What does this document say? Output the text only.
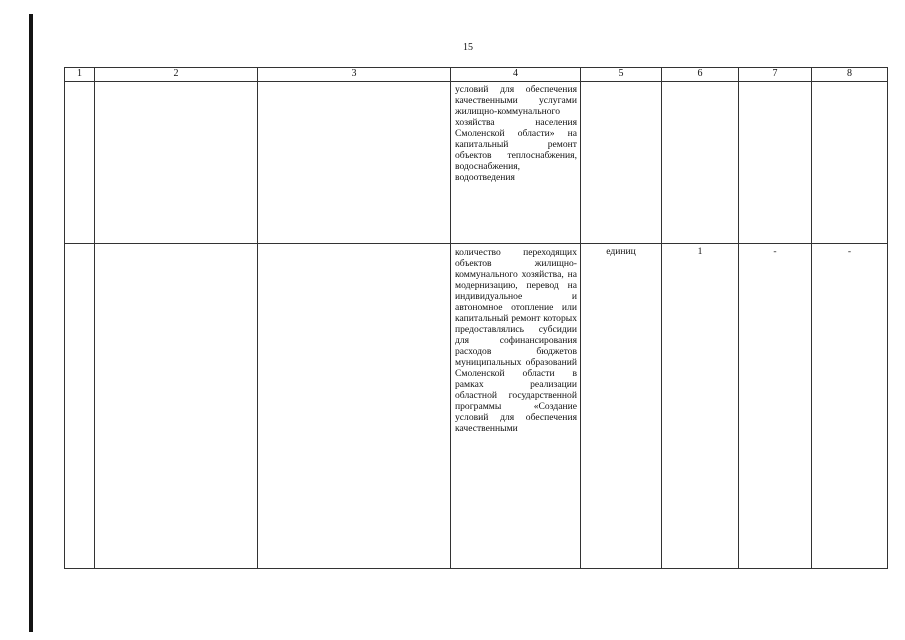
15
1	2	3	4	5	6	7	8
			условий для обеспечения качественными услугами жилищно-коммунального хозяйства населения Смоленской области» на капитальный ремонт объектов теплоснабжения, водоснабжения, водоотведения				
			количество переходящих объектов жилищно-коммунального хозяйства, на модернизацию, перевод на индивидуальное и автономное отопление или капитальный ремонт которых предоставлялись субсидии для софинансирования расходов бюджетов муниципальных образований Смоленской области в рамках реализации областной государственной программы «Создание условий для обеспечения качественными	единиц	1	-	-
